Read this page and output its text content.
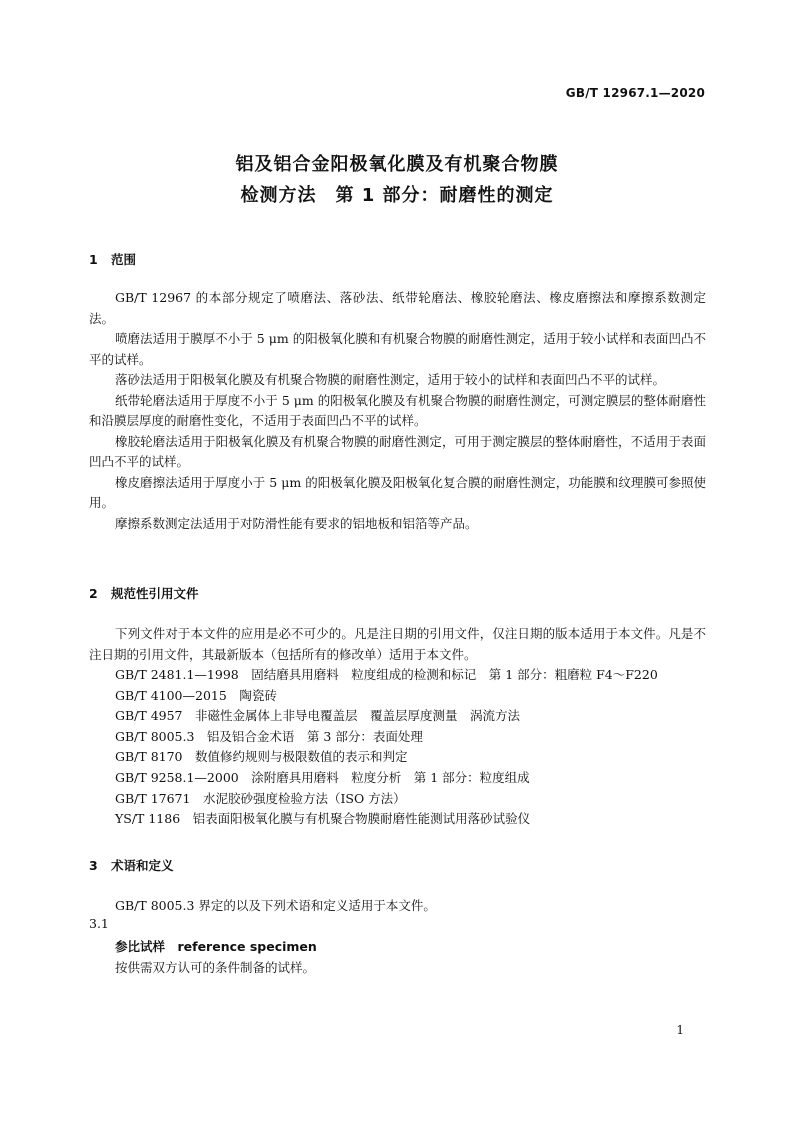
GB/T 12967.1—2020
铝及铝合金阳极氧化膜及有机聚合物膜
检测方法　第 1 部分：耐磨性的测定
1 范围

GB/T 12967 的本部分规定了喷磨法、落砂法、纸带轮磨法、橡胶轮磨法、橡皮磨擦法和摩擦系数测定法。

喷磨法适用于膜厚不小于 5 μm 的阳极氧化膜和有机聚合物膜的耐磨性测定，适用于较小试样和表面凹凸不平的试样。

落砂法适用于阳极氧化膜及有机聚合物膜的耐磨性测定，适用于较小的试样和表面凹凸不平的试样。

纸带轮磨法适用于厚度不小于 5 μm 的阳极氧化膜及有机聚合物膜的耐磨性测定，可测定膜层的整体耐磨性和沿膜层厚度的耐磨性变化，不适用于表面凹凸不平的试样。

橡胶轮磨法适用于阳极氧化膜及有机聚合物膜的耐磨性测定，可用于测定膜层的整体耐磨性，不适用于表面凹凸不平的试样。

橡皮磨擦法适用于厚度小于 5 μm 的阳极氧化膜及阳极氧化复合膜的耐磨性测定，功能膜和纹理膜可参照使用。

摩擦系数测定法适用于对防滑性能有要求的铝地板和铝箔等产品。

2 规范性引用文件

下列文件对于本文件的应用是必不可少的。凡是注日期的引用文件，仅注日期的版本适用于本文件。凡是不注日期的引用文件，其最新版本（包括所有的修改单）适用于本文件。

GB/T 2481.1—1998　固结磨具用磨料　粒度组成的检测和标记　第 1 部分：粗磨粒 F4～F220
GB/T 4100—2015　陶瓷砖
GB/T 4957　非磁性金属体上非导电覆盖层　覆盖层厚度测量　涡流方法
GB/T 8005.3　铝及铝合金术语　第 3 部分：表面处理
GB/T 8170　数值修约规则与极限数值的表示和判定
GB/T 9258.1—2000　涂附磨具用磨料　粒度分析　第 1 部分：粒度组成
GB/T 17671　水泥胶砂强度检验方法（ISO 方法）
YS/T 1186　铝表面阳极氧化膜与有机聚合物膜耐磨性能测试用落砂试验仪
3 术语和定义

GB/T 8005.3 界定的以及下列术语和定义适用于本文件。

3.1
参比试样　reference specimen
按供需双方认可的条件制备的试样。
1
